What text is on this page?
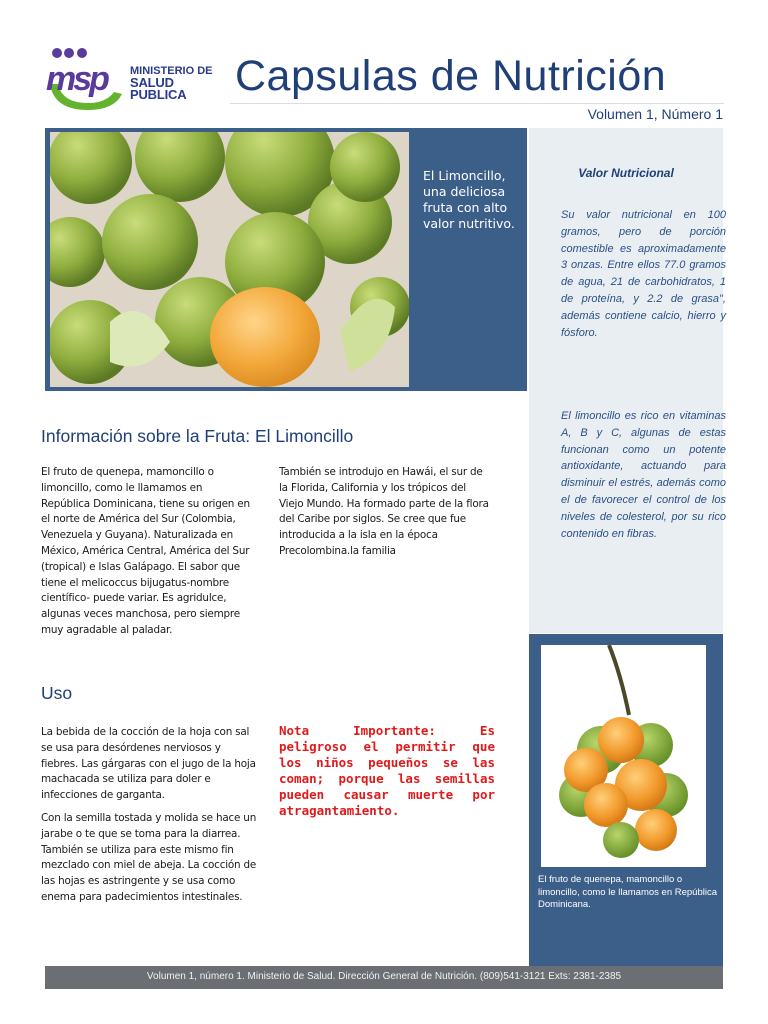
msp MINISTERIO DE
SALUD PUBLICA	Capsulas de Nutrición
Volumen 1, Número 1
El Limoncillo, una deliciosa fruta con alto valor nutritivo.
Valor Nutricional

Su valor nutricional en 100 gramos, pero de porción comestible es aproximadamente 3 onzas. Entre ellos 77.0 gramos de agua, 21 de carbohidratos, 1 de proteína, y 2.2 de grasa", además contiene calcio, hierro y fósforo.

El limoncillo es rico en vitaminas A, B y C, algunas de estas funcionan como un potente antioxidante, actuando para disminuir el estrés, además como el de favorecer el control de los niveles de colesterol, por su rico contenido en fibras.

El fruto de quenepa, mamoncillo o limoncillo, como le llamamos en República Dominicana.
Información sobre la Fruta: El Limoncillo

El fruto de quenepa, mamoncillo o limoncillo, como le llamamos en República Dominicana, tiene su origen en el norte de América del Sur (Colombia, Venezuela y Guyana). Naturalizada en México, América Central, América del Sur (tropical) e Islas Galápago. El sabor que tiene el melicoccus bijugatus-nombre científico- puede variar. Es agridulce, algunas veces manchosa, pero siempre muy agradable al paladar.

También se introdujo en Hawái, el sur de la Florida, California y los trópicos del Viejo Mundo. Ha formado parte de la flora del Caribe por siglos. Se cree que fue introducida a la isla en la época Precolombina.la familia

Uso

La bebida de la cocción de la hoja con sal se usa para desórdenes nerviosos y fiebres. Las gárgaras con el jugo de la hoja machacada se utiliza para doler e infecciones de garganta.

Con la semilla tostada y molida se hace un jarabe o te que se toma para la diarrea. También se utiliza para este mismo fin mezclado con miel de abeja. La cocción de las hojas es astringente y se usa como enema para padecimientos intestinales.

Nota Importante: Es peligroso el permitir que los niños pequeños se las coman; porque las semillas pueden causar muerte por atragantamiento.

Volumen 1, número 1. Ministerio de Salud. Dirección General de Nutrición. (809)541-3121 Exts: 2381-2385
